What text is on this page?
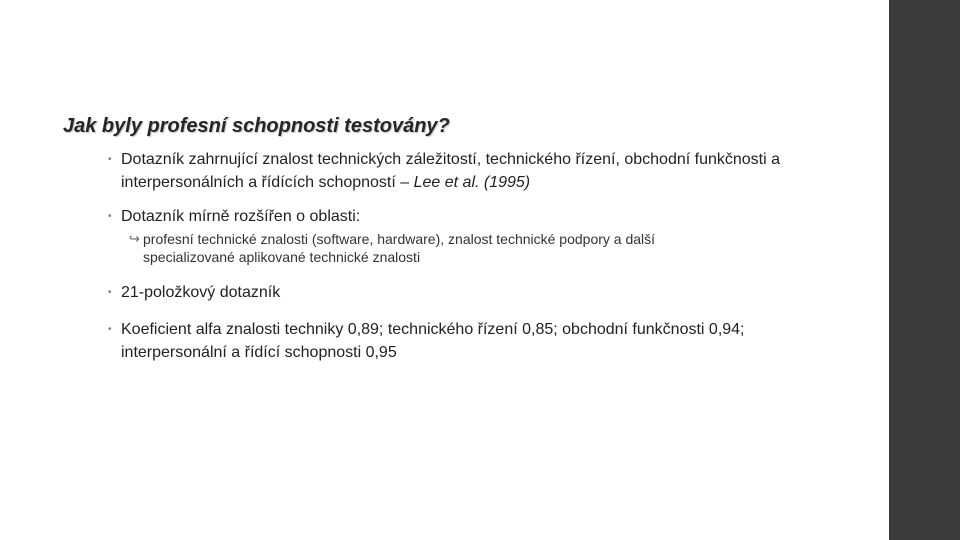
Jak byly profesní schopnosti testovány?
• Dotazník zahrnující znalost technických záležitostí, technického řízení, obchodní funkčnosti a interpersonálních a řídících schopností – Lee et al. (1995)
• Dotazník mírně rozšířen o oblasti:
↪ profesní technické znalosti (software, hardware), znalost technické podpory a další specializované aplikované technické znalosti
• 21-položkový dotazník
• Koeficient alfa znalosti techniky 0,89; technického řízení 0,85; obchodní funkčnosti 0,94; interpersonální a řídící schopnosti 0,95
